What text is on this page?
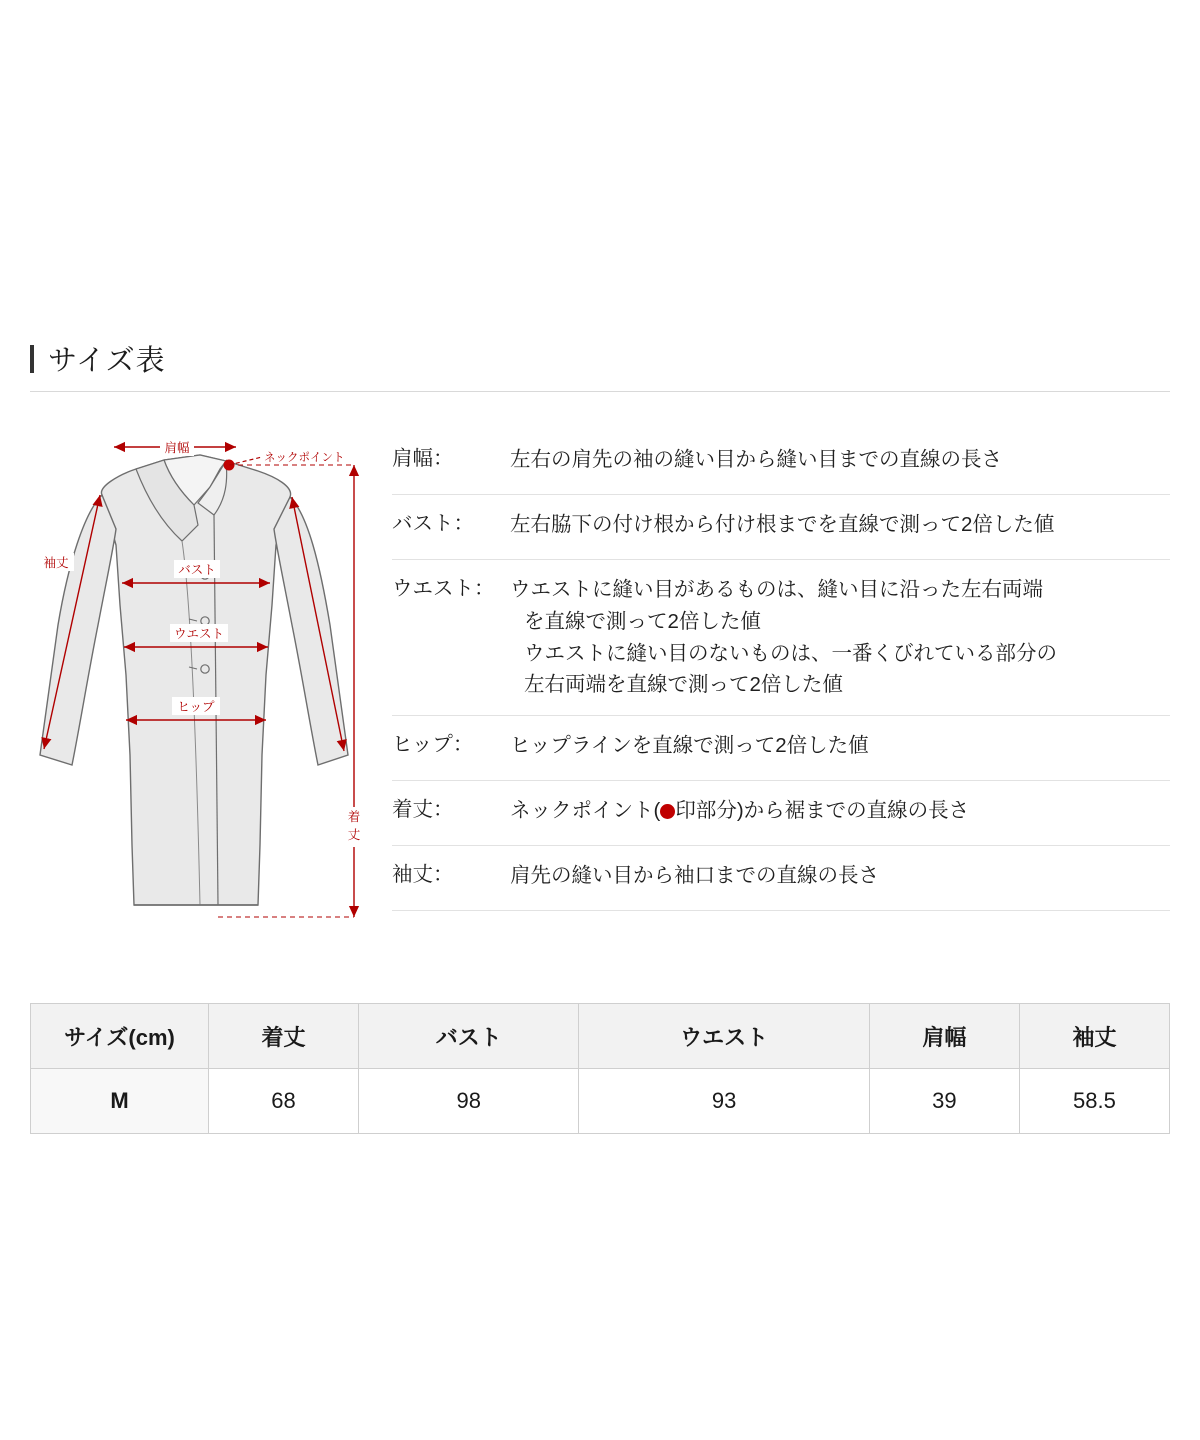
サイズ表
肩幅
ネックポイント
袖丈	バスト
ウエスト
ヒップ
着
丈
肩幅：	左右の肩先の袖の縫い目から縫い目までの直線の長さ
バスト：	左右脇下の付け根から付け根までを直線で測って2倍した値
ウエスト： ウエストに縫い目があるものは、縫い目に沿った左右両端
を直線で測って2倍した値
ウエストに縫い目のないものは、一番くびれている部分の
左右両端を直線で測って2倍した値
ヒップ：	ヒップラインを直線で測って2倍した値
着丈：	ネックポイント( 印部分)から裾までの直線の長さ
袖丈：	肩先の縫い目から袖口までの直線の長さ
サイズ(cm)	着丈	バスト	ウエスト	肩幅	袖丈
M	68	98	93	39	58.5
